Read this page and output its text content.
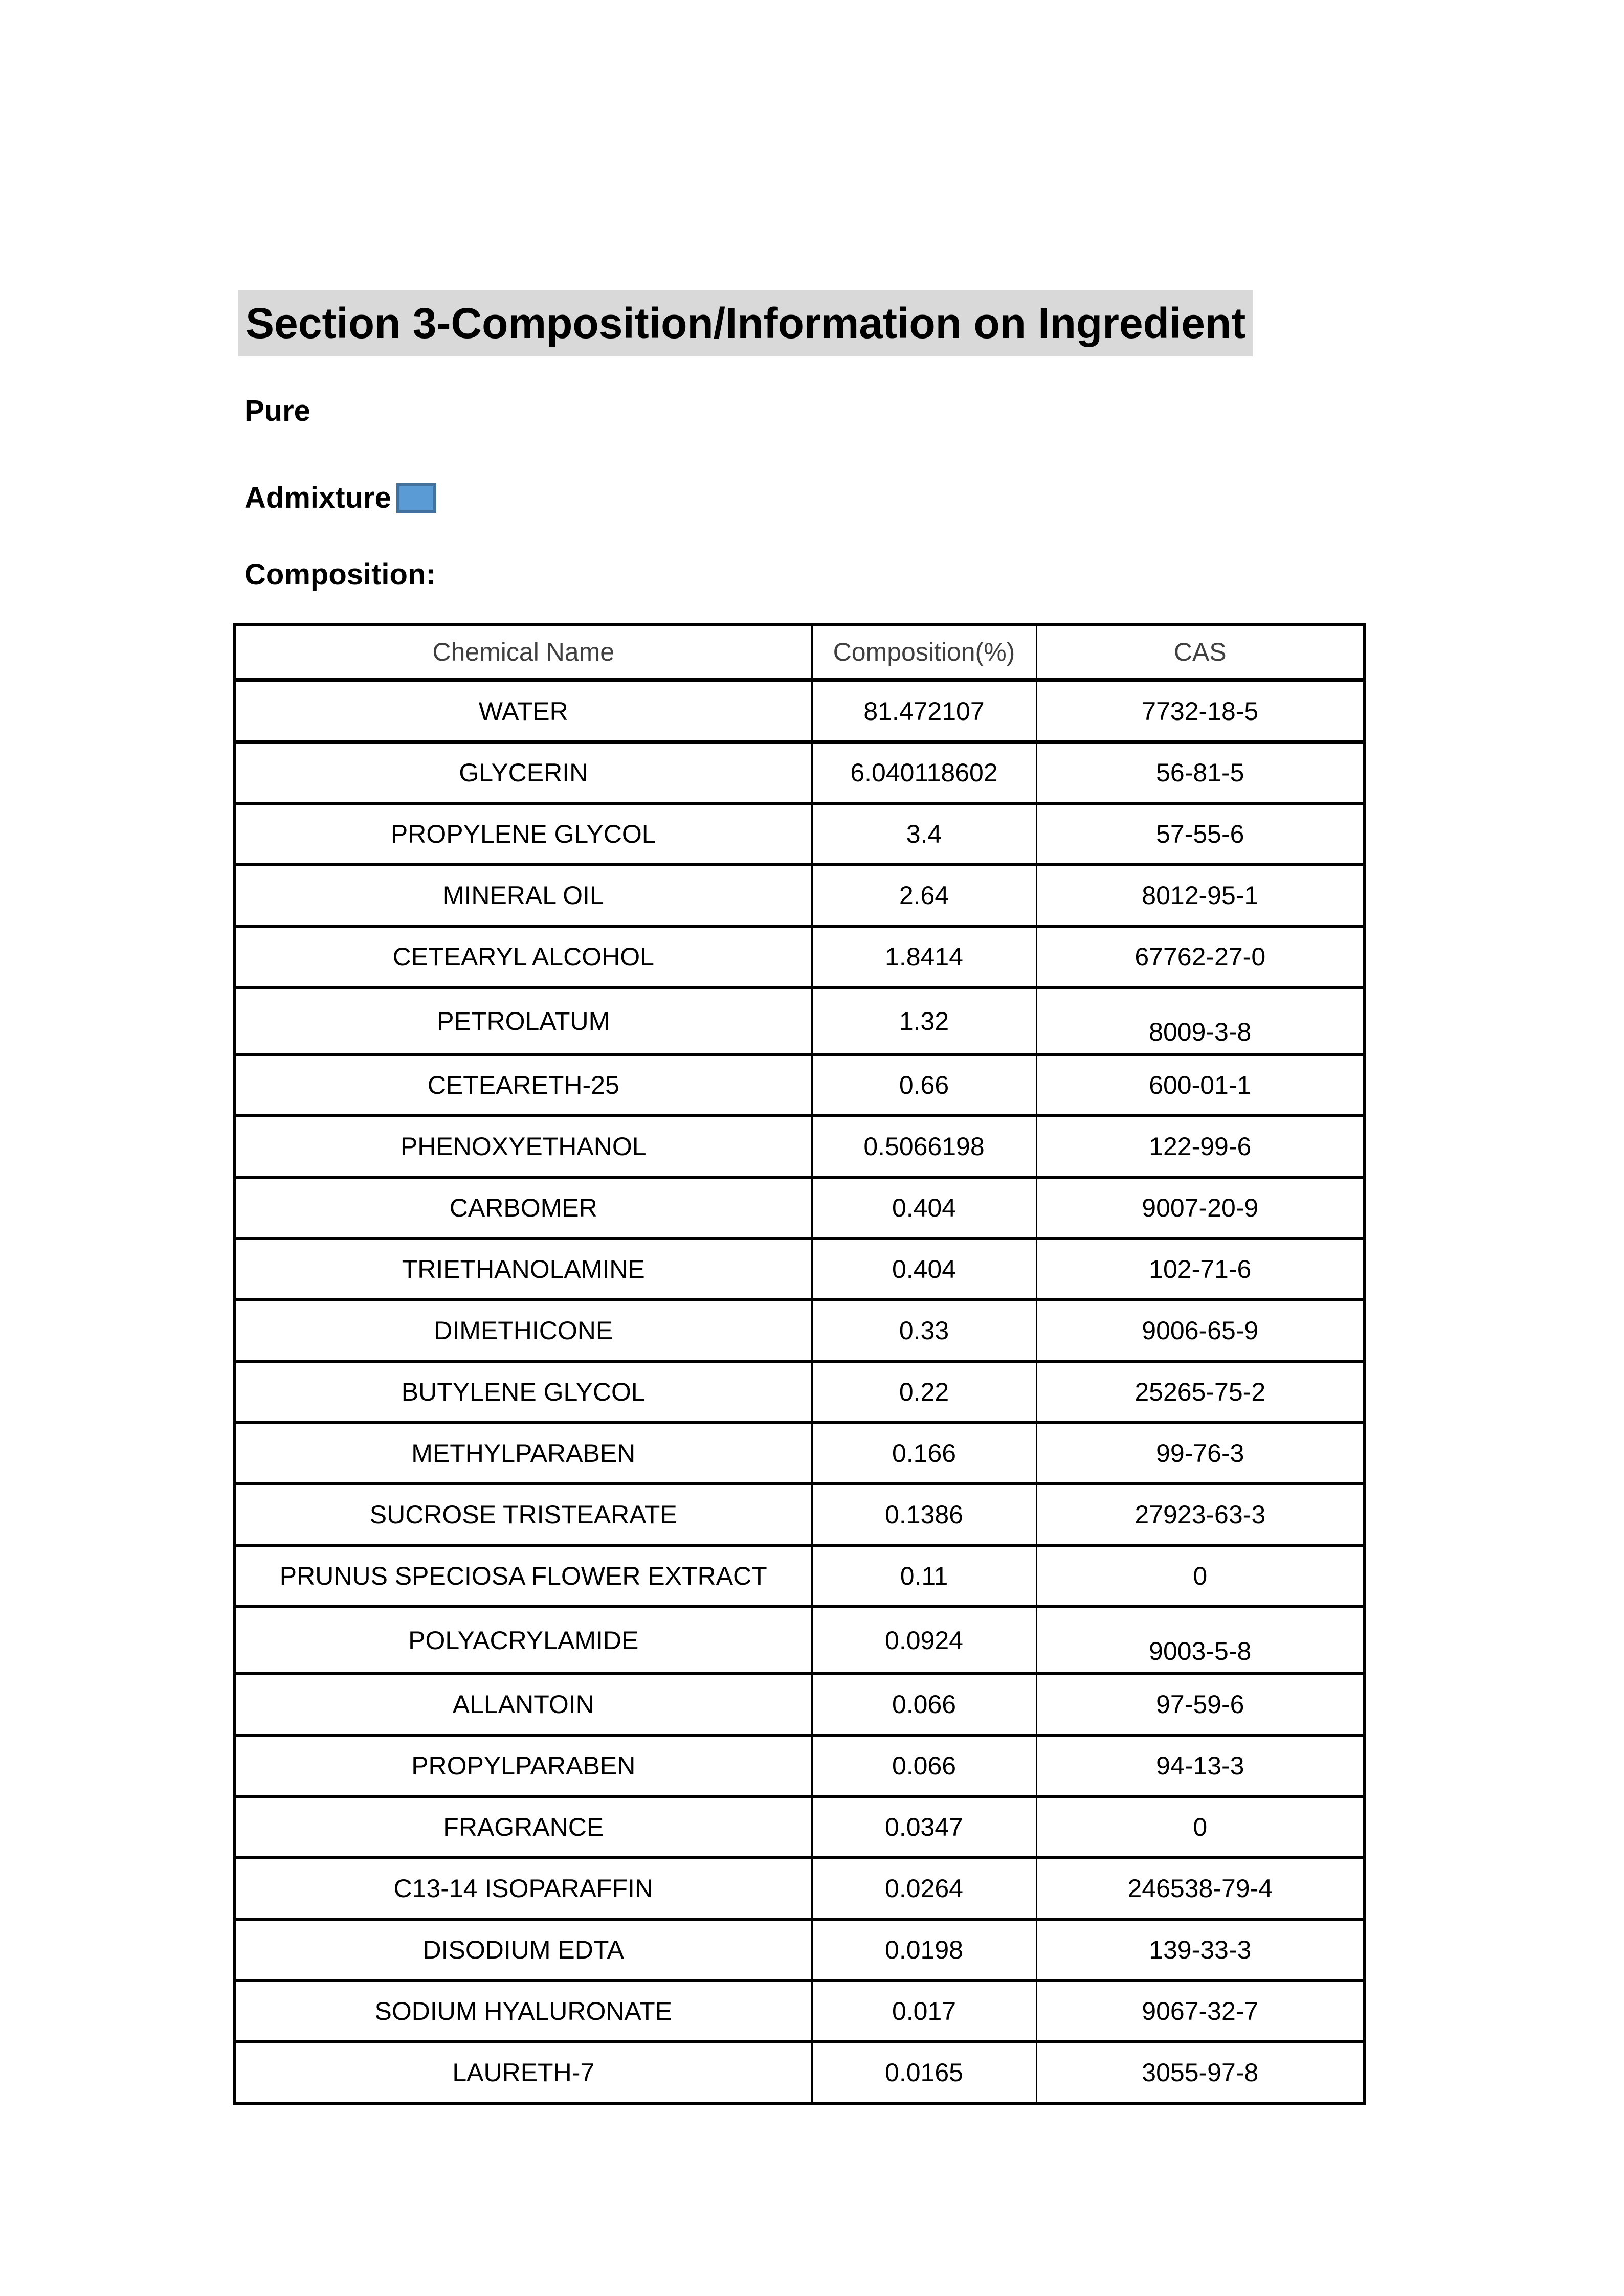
Section 3-Composition/Information on Ingredient
Pure
Admixture
Composition:
Chemical Name	Composition(%)	CAS
WATER	81.472107	7732-18-5
GLYCERIN	6.040118602	56-81-5
PROPYLENE GLYCOL	3.4	57-55-6
MINERAL OIL	2.64	8012-95-1
CETEARYL ALCOHOL	1.8414	67762-27-0
PETROLATUM	1.32	8009-3-8
CETEARETH-25	0.66	600-01-1
PHENOXYETHANOL	0.5066198	122-99-6
CARBOMER	0.404	9007-20-9
TRIETHANOLAMINE	0.404	102-71-6
DIMETHICONE	0.33	9006-65-9
BUTYLENE GLYCOL	0.22	25265-75-2
METHYLPARABEN	0.166	99-76-3
SUCROSE TRISTEARATE	0.1386	27923-63-3
PRUNUS SPECIOSA FLOWER EXTRACT	0.11	0
POLYACRYLAMIDE	0.0924	9003-5-8
ALLANTOIN	0.066	97-59-6
PROPYLPARABEN	0.066	94-13-3
FRAGRANCE	0.0347	0
C13-14 ISOPARAFFIN	0.0264	246538-79-4
DISODIUM EDTA	0.0198	139-33-3
SODIUM HYALURONATE	0.017	9067-32-7
LAURETH-7	0.0165	3055-97-8
